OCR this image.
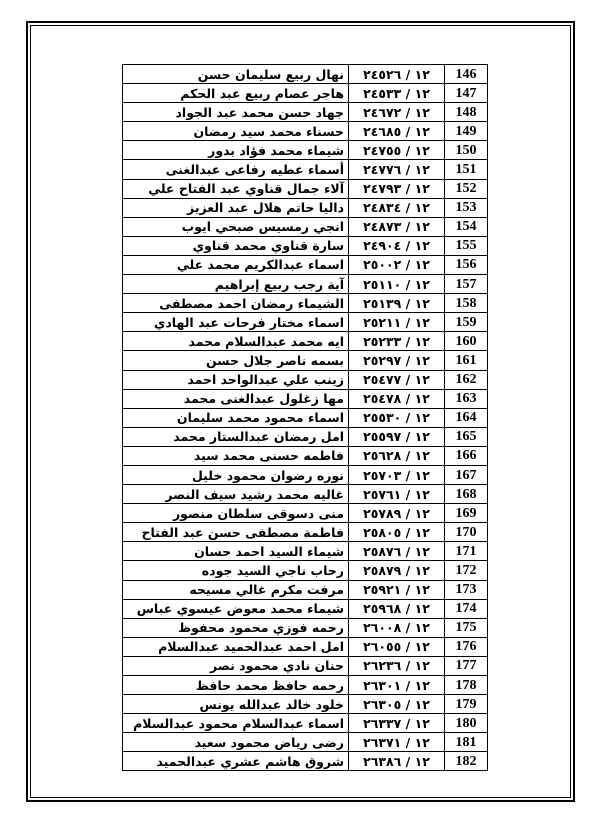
نهال ربيع سليمان حسن	١٢ / ٢٤٥٢٦	146
هاجر عصام ربيع عبد الحكم	١٢ / ٢٤٥٣٣	147
جهاد حسن محمد عبد الجواد	١٢ / ٢٤٦٧٢	148
حسناء محمد سيد رمضان	١٢ / ٢٤٦٨٥	149
شيماء محمد فؤاد بدور	١٢ / ٢٤٧٥٥	150
أسماء عطيه رفاعى عبدالغنى	١٢ / ٢٤٧٧٦	151
آلاء جمال قناوي عبد الفتاح علي	١٢ / ٢٤٧٩٣	152
داليا حاتم هلال عبد العزيز	١٢ / ٢٤٨٣٤	153
انجي رمسيس صبحي ايوب	١٢ / ٢٤٨٧٣	154
سارة قناوي محمد قناوي	١٢ / ٢٤٩٠٤	155
اسماء عبدالكريم محمد علي	١٢ / ٢٥٠٠٢	156
آية رجب ربيع إبراهيم	١٢ / ٢٥١١٠	157
الشيماء رمضان احمد مصطفى	١٢ / ٢٥١٣٩	158
اسماء مختار فرحات عبد الهادي	١٢ / ٢٥٢١١	159
ايه محمد عبدالسلام محمد	١٢ / ٢٥٢٣٣	160
بسمه ناصر جلال حسن	١٢ / ٢٥٢٩٧	161
زينب علي عبدالواحد احمد	١٢ / ٢٥٤٧٧	162
مها زغلول عبدالغنى محمد	١٢ / ٢٥٤٧٨	163
اسماء محمود محمد سليمان	١٢ / ٢٥٥٣٠	164
امل رمضان عبدالستار محمد	١٢ / ٢٥٥٩٧	165
فاطمه حسنى محمد سيد	١٢ / ٢٥٦٢٨	166
نوره رضوان محمود خليل	١٢ / ٢٥٧٠٣	167
غاليه محمد رشيد سيف النصر	١٢ / ٢٥٧٦١	168
منى دسوقى سلطان منصور	١٢ / ٢٥٧٨٩	169
فاطمة مصطفى حسن عبد الفتاح	١٢ / ٢٥٨٠٥	170
شيماء السيد احمد حسان	١٢ / ٢٥٨٧٦	171
رحاب ناجي السيد جوده	١٢ / ٢٥٨٧٩	172
مرفت مكرم غالي مسيحه	١٢ / ٢٥٩٢١	173
شيماء محمد معوض عيسوي عباس	١٢ / ٢٥٩٦٨	174
رحمه فوزي محمود محفوظ	١٢ / ٢٦٠٠٨	175
امل احمد عبدالحميد عبدالسلام	١٢ / ٢٦٠٥٥	176
حنان نادي محمود نصر	١٢ / ٢٦٢٣٦	177
رحمه حافظ محمد حافظ	١٢ / ٢٦٣٠١	178
خلود خالد عبدالله يونس	١٢ / ٢٦٣٠٥	179
اسماء عبدالسلام محمود عبدالسلام	١٢ / ٢٦٣٣٧	180
رضى رياض محمود سعيد	١٢ / ٢٦٣٧١	181
شروق هاشم عشري عبدالحميد	١٢ / ٢٦٣٨٦	182
